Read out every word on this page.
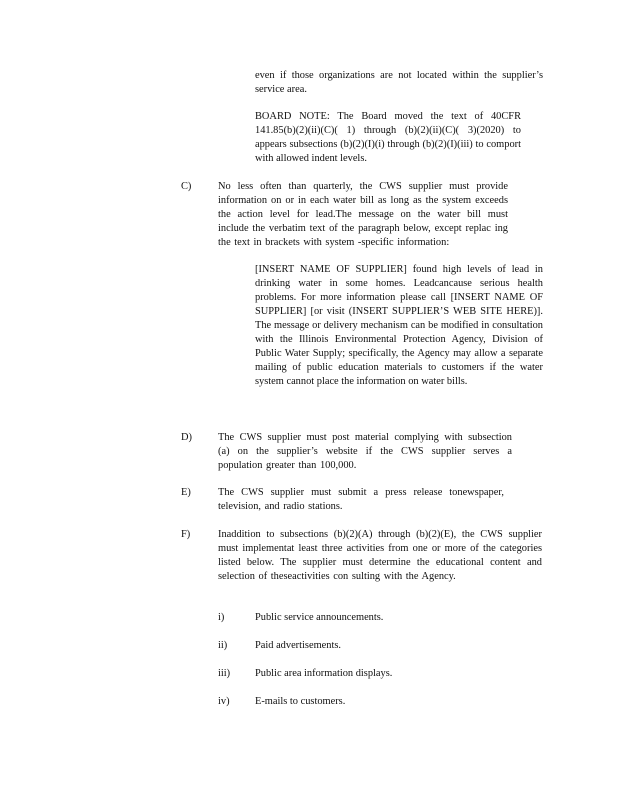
even if those organizations are not located within the supplier’s service area.
BOARD NOTE: The Board moved the text of 40CFR 141.85(b)(2)(ii)(C)( 1) through (b)(2)(ii)(C)( 3)(2020) to appears subsections (b)(2)(I)(i) through (b)(2)(I)(iii) to comport with allowed indent levels.
C)	No less often than quarterly, the CWS supplier must provide information on or in each water bill as long as the system exceeds the action level for lead.The message on the water bill must include the verbatim text of the paragraph below, except replac ing the text in brackets with system -specific information:
[INSERT NAME OF SUPPLIER] found high levels of lead in drinking water in some homes. Leadcancause serious health problems. For more information please call [INSERT NAME OF SUPPLIER] [or visit (INSERT SUPPLIER’S WEB SITE HERE)]. The message or delivery mechanism can be modified in consultation with the Illinois Environmental Protection Agency, Division of Public Water Supply; specifically, the Agency may allow a separate mailing of public education materials to customers if the water system cannot place the information on water bills.
D)	The CWS supplier must post material complying with subsection (a) on the supplier’s website if the CWS supplier serves a population greater than 100,000.
E)	The CWS supplier must submit a press release tonewspaper, television, and radio stations.
F)	Inaddition to subsections (b)(2)(A) through (b)(2)(E), the CWS supplier must implementat least three activities from one or more of the categories listed below. The supplier must determine the educational content and selection of theseactivities con sulting with the Agency.
i)	Public service announcements.
ii)	Paid advertisements.
iii) Public area information displays.
iv) E-mails to customers.
